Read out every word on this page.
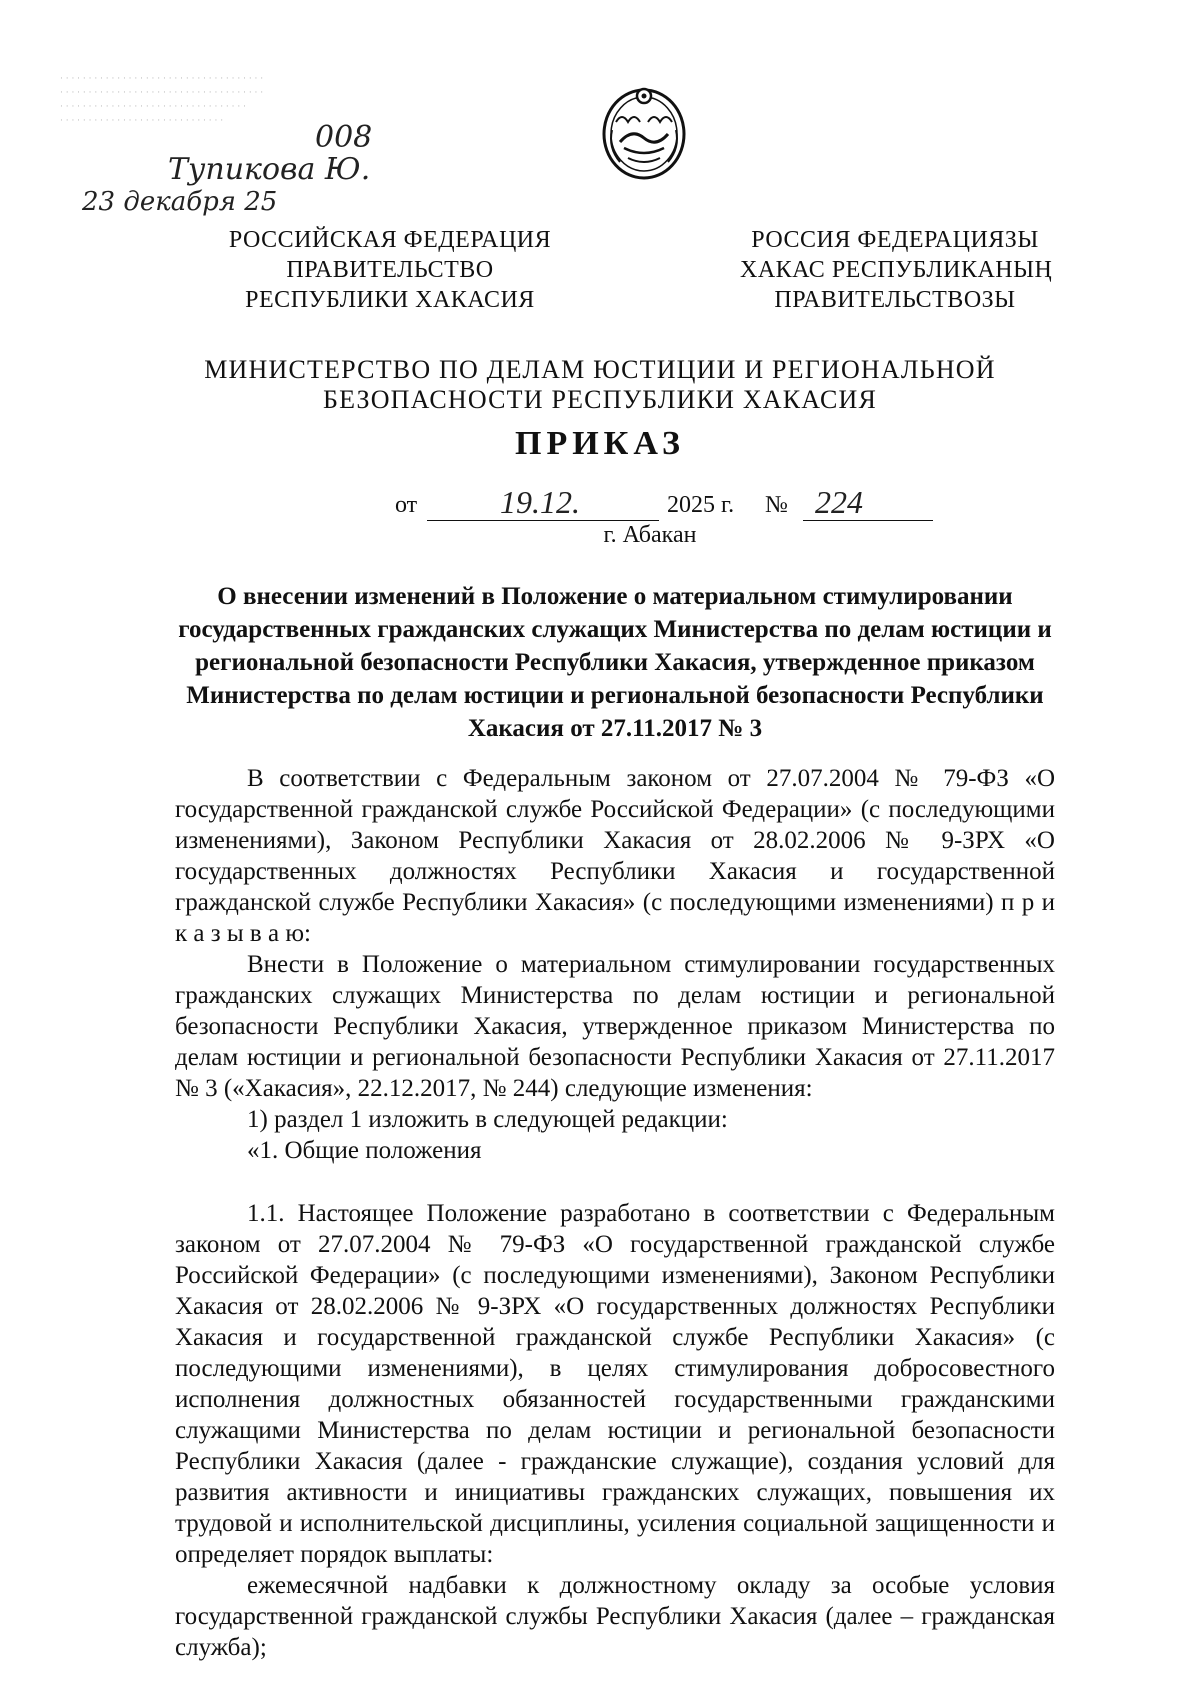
· · · · · · · · · · · · · · · · · · · · · · · · · · · · · · · · · · · ·
· · · · · · · · · · · · · · · · · · · · · · · · · · · · · · · · · · · ·
· · · · · · · · · · · · · · · · · · · · · · · · · · · · · · · · ·
· · · · · · · · · · · · · · · · · · · · · · · · · · · · ·	008
Тупикова Ю.
23 декабря 25
РОССИЙСКАЯ ФЕДЕРАЦИЯ
ПРАВИТЕЛЬСТВО
РЕСПУБЛИКИ ХАКАСИЯ
РОССИЯ ФЕДЕРАЦИЯЗЫ
ХАКАС РЕСПУБЛИКАНЫҢ
ПРАВИТЕЛЬСТВОЗЫ
МИНИСТЕРСТВО ПО ДЕЛАМ ЮСТИЦИИ И РЕГИОНАЛЬНОЙ
БЕЗОПАСНОСТИ РЕСПУБЛИКИ ХАКАСИЯ
ПРИКАЗ
от	19.12.	2025 г. № 224
г. Абакан
О внесении изменений в Положение о материальном стимулировании
государственных гражданских служащих Министерства по делам юстиции и
региональной безопасности Республики Хакасия, утвержденное приказом
Министерства по делам юстиции и региональной безопасности Республики
Хакасия от 27.11.2017 № 3

В соответствии с Федеральным законом от 27.07.2004 № 79-ФЗ «О государственной гражданской службе Российской Федерации» (с последующими изменениями), Законом Республики Хакасия от 28.02.2006 № 9-ЗРХ «О государственных должностях Республики Хакасия и государственной гражданской службе Республики Хакасия» (с последующими изменениями) п р и к а з ы в а ю:

Внести в Положение о материальном стимулировании государственных гражданских служащих Министерства по делам юстиции и региональной безопасности Республики Хакасия, утвержденное приказом Министерства по делам юстиции и региональной безопасности Республики Хакасия от 27.11.2017 № 3 («Хакасия», 22.12.2017, № 244) следующие изменения:

1) раздел 1 изложить в следующей редакции:

«1. Общие положения

1.1. Настоящее Положение разработано в соответствии с Федеральным законом от 27.07.2004 № 79-ФЗ «О государственной гражданской службе Российской Федерации» (с последующими изменениями), Законом Республики Хакасия от 28.02.2006 № 9-ЗРХ «О государственных должностях Республики Хакасия и государственной гражданской службе Республики Хакасия» (с последующими изменениями), в целях стимулирования добросовестного исполнения должностных обязанностей государственными гражданскими служащими Министерства по делам юстиции и региональной безопасности Республики Хакасия (далее - гражданские служащие), создания условий для развития активности и инициативы гражданских служащих, повышения их трудовой и исполнительской дисциплины, усиления социальной защищенности и определяет порядок выплаты:

ежемесячной надбавки к должностному окладу за особые условия государственной гражданской службы Республики Хакасия (далее – гражданская служба);
